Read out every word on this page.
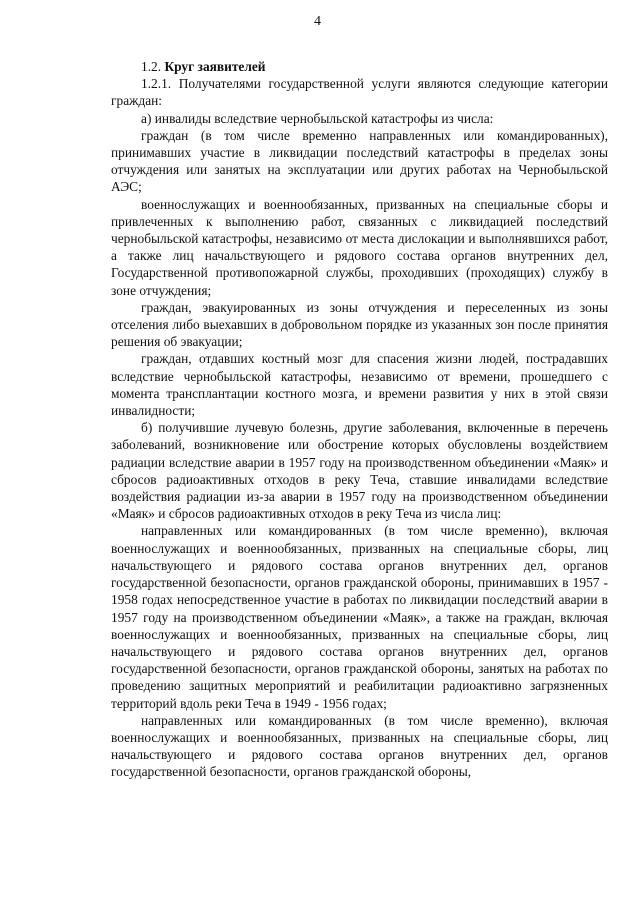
4

1.2. Круг заявителей

1.2.1. Получателями государственной услуги являются следующие категории граждан:

а) инвалиды вследствие чернобыльской катастрофы из числа:

граждан (в том числе временно направленных или командированных), принимавших участие в ликвидации последствий катастрофы в пределах зоны отчуждения или занятых на эксплуатации или других работах на Чернобыльской АЭС;

военнослужащих и военнообязанных, призванных на специальные сборы и привлеченных к выполнению работ, связанных с ликвидацией последствий чернобыльской катастрофы, независимо от места дислокации и выполнявшихся работ, а также лиц начальствующего и рядового состава органов внутренних дел, Государственной противопожарной службы, проходивших (проходящих) службу в зоне отчуждения;

граждан, эвакуированных из зоны отчуждения и переселенных из зоны отселения либо выехавших в добровольном порядке из указанных зон после принятия решения об эвакуации;

граждан, отдавших костный мозг для спасения жизни людей, пострадавших вследствие чернобыльской катастрофы, независимо от времени, прошедшего с момента трансплантации костного мозга, и времени развития у них в этой связи инвалидности;

б) получившие лучевую болезнь, другие заболевания, включенные в перечень заболеваний, возникновение или обострение которых обусловлены воздействием радиации вследствие аварии в 1957 году на производственном объединении «Маяк» и сбросов радиоактивных отходов в реку Теча, ставшие инвалидами вследствие воздействия радиации из-за аварии в 1957 году на производственном объединении «Маяк» и сбросов радиоактивных отходов в реку Теча из числа лиц:

направленных или командированных (в том числе временно), включая военнослужащих и военнообязанных, призванных на специальные сборы, лиц начальствующего и рядового состава органов внутренних дел, органов государственной безопасности, органов гражданской обороны, принимавших в 1957 - 1958 годах непосредственное участие в работах по ликвидации последствий аварии в 1957 году на производственном объединении «Маяк», а также на граждан, включая военнослужащих и военнообязанных, призванных на специальные сборы, лиц начальствующего и рядового состава органов внутренних дел, органов государственной безопасности, органов гражданской обороны, занятых на работах по проведению защитных мероприятий и реабилитации радиоактивно загрязненных территорий вдоль реки Теча в 1949 - 1956 годах;

направленных или командированных (в том числе временно), включая военнослужащих и военнообязанных, призванных на специальные сборы, лиц начальствующего и рядового состава органов внутренних дел, органов государственной безопасности, органов гражданской обороны,
